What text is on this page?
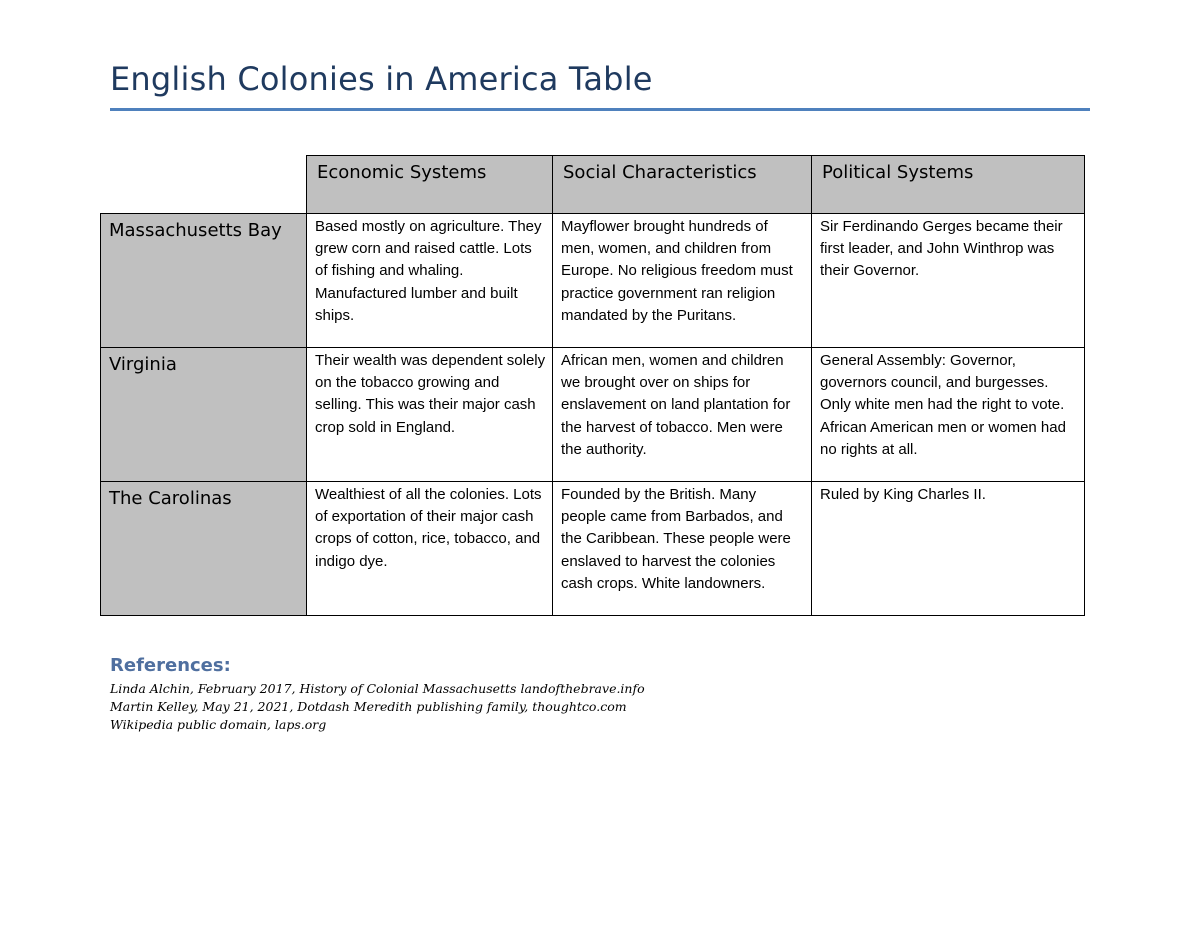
English Colonies in America Table
	Economic Systems	Social Characteristics	Political Systems
Massachusetts Bay	Based mostly on agriculture. They grew corn and raised cattle. Lots of fishing and whaling. Manufactured lumber and built ships.	Mayflower brought hundreds of men, women, and children from Europe. No religious freedom must practice government ran religion mandated by the Puritans.	Sir Ferdinando Gerges became their first leader, and John Winthrop was their Governor.
Virginia	Their wealth was dependent solely on the tobacco growing and selling. This was their major cash crop sold in England.	African men, women and children we brought over on ships for enslavement on land plantation for the harvest of tobacco. Men were the authority.	General Assembly: Governor, governors council, and burgesses. Only white men had the right to vote. African American men or women had no rights at all.
The Carolinas	Wealthiest of all the colonies. Lots of exportation of their major cash crops of cotton, rice, tobacco, and indigo dye.	Founded by the British. Many people came from Barbados, and the Caribbean. These people were enslaved to harvest the colonies cash crops. White landowners.	Ruled by King Charles II.
References:
Linda Alchin, February 2017, History of Colonial Massachusetts landofthebrave.info
Martin Kelley, May 21, 2021, Dotdash Meredith publishing family, thoughtco.com
Wikipedia public domain, laps.org
